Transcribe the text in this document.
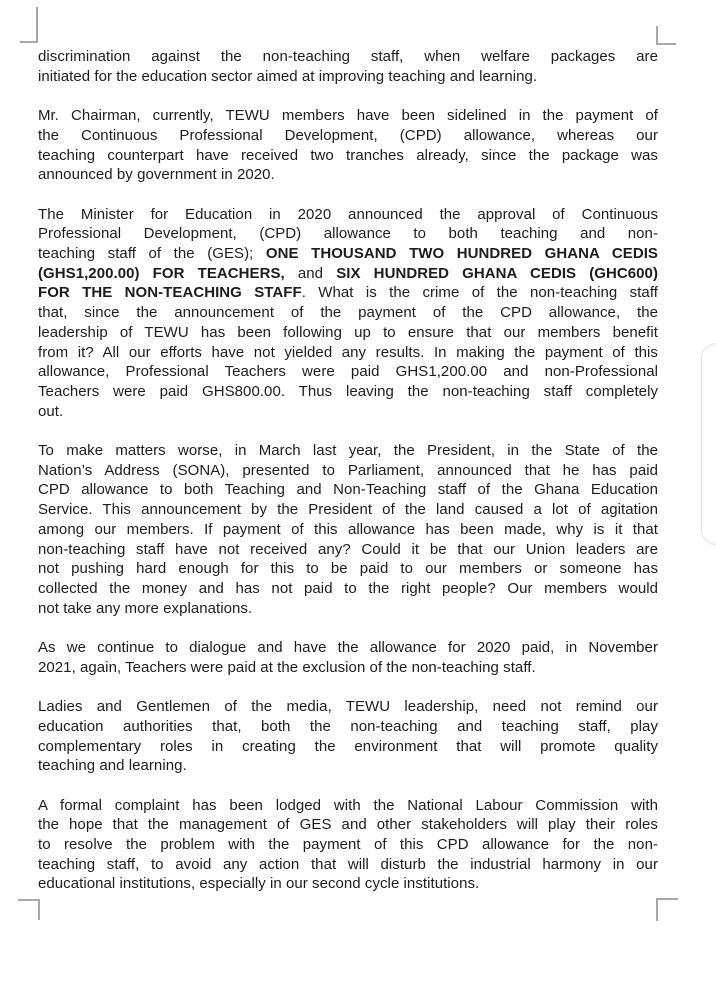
discrimination against the non-teaching staff, when welfare packages are
initiated for the education sector aimed at improving teaching and learning.
Mr. Chairman, currently, TEWU members have been sidelined in the payment of
the Continuous Professional Development, (CPD) allowance, whereas our
teaching counterpart have received two tranches already, since the package was
announced by government in 2020.
The Minister for Education in 2020 announced the approval of Continuous
Professional Development, (CPD) allowance to both teaching and non-
teaching staff of the (GES); ONE THOUSAND TWO HUNDRED GHANA CEDIS
(GHS1,200.00) FOR TEACHERS, and SIX HUNDRED GHANA CEDIS (GHC600)
FOR THE NON-TEACHING STAFF. What is the crime of the non-teaching staff
that, since the announcement of the payment of the CPD allowance, the
leadership of TEWU has been following up to ensure that our members benefit
from it? All our efforts have not yielded any results. In making the payment of this
allowance, Professional Teachers were paid GHS1,200.00 and non-Professional
Teachers were paid GHS800.00. Thus leaving the non-teaching staff completely
out.
To make matters worse, in March last year, the President, in the State of the
Nation’s Address (SONA), presented to Parliament, announced that he has paid
CPD allowance to both Teaching and Non-Teaching staff of the Ghana Education
Service. This announcement by the President of the land caused a lot of agitation
among our members. If payment of this allowance has been made, why is it that
non-teaching staff have not received any? Could it be that our Union leaders are
not pushing hard enough for this to be paid to our members or someone has
collected the money and has not paid to the right people? Our members would
not take any more explanations.
As we continue to dialogue and have the allowance for 2020 paid, in November
2021, again, Teachers were paid at the exclusion of the non-teaching staff.
Ladies and Gentlemen of the media, TEWU leadership, need not remind our
education authorities that, both the non-teaching and teaching staff, play
complementary roles in creating the environment that will promote quality
teaching and learning.
A formal complaint has been lodged with the National Labour Commission with
the hope that the management of GES and other stakeholders will play their roles
to resolve the problem with the payment of this CPD allowance for the non-
teaching staff, to avoid any action that will disturb the industrial harmony in our
educational institutions, especially in our second cycle institutions.
